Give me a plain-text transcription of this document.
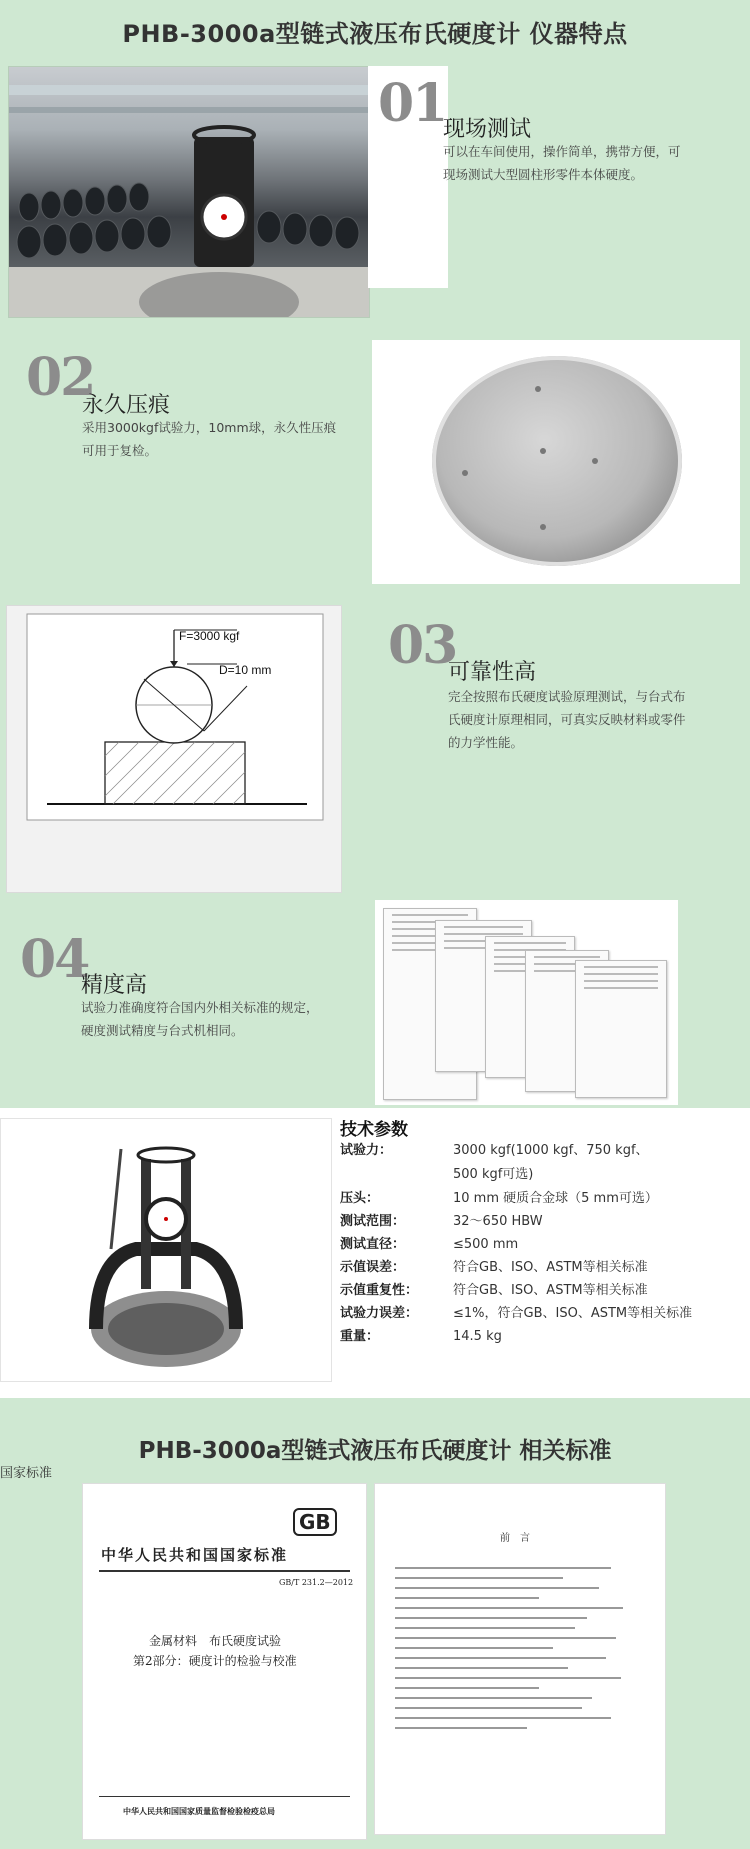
PHB-3000a型链式液压布氏硬度计 仪器特点
01
现场测试
可以在车间使用，操作简单，携带方便，可
现场测试大型圆柱形零件本体硬度。
02
永久压痕
采用3000kgf试验力，10mm球，永久性压痕
可用于复检。
F=3000 kgf
D=10 mm 03
可靠性高
完全按照布氏硬度试验原理测试，与台式布
氏硬度计原理相同，可真实反映材料或零件
的力学性能。
04
精度高
试验力准确度符合国内外相关标准的规定，
硬度测试精度与台式机相同。
技术参数
试验力：	3000 kgf(1000 kgf、750 kgf、
500 kgf可选)
压头：	10 mm 硬质合金球（5 mm可选）
测试范围：	32～650 HBW
测试直径：	≤500 mm
示值误差：	符合GB、ISO、ASTM等相关标准
示值重复性：	符合GB、ISO、ASTM等相关标准
试验力误差：	≤1%，符合GB、ISO、ASTM等相关标准
重量：	14.5 kg
PHB-3000a型链式液压布氏硬度计 相关标准
国家标准
GB
中华人民共和国国家标准
GB/T 231.2—2012
金属材料　布氏硬度试验
第2部分：硬度计的检验与校准
中华人民共和国国家质量监督检验检疫总局
前　言
